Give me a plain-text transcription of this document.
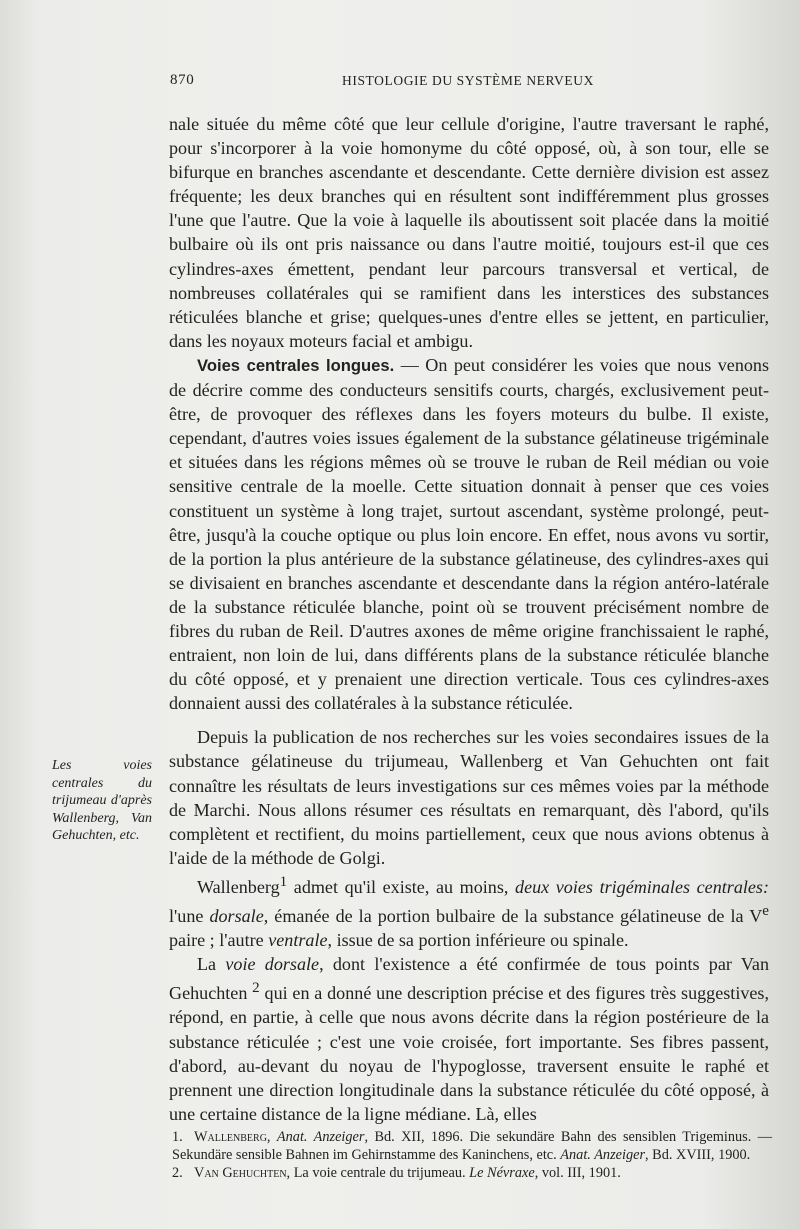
870	HISTOLOGIE DU SYSTÈME NERVEUX

nale située du même côté que leur cellule d'origine, l'autre traversant le raphé, pour s'incorporer à la voie homonyme du côté opposé, où, à son tour, elle se bifurque en branches ascendante et descendante. Cette dernière division est assez fréquente; les deux branches qui en résultent sont indifféremment plus grosses l'une que l'autre. Que la voie à laquelle ils aboutissent soit placée dans la moitié bulbaire où ils ont pris naissance ou dans l'autre moitié, toujours est-il que ces cylindres-axes émettent, pendant leur parcours transversal et vertical, de nombreuses collatérales qui se ramifient dans les interstices des substances réticulées blanche et grise; quelques-unes d'entre elles se jettent, en particulier, dans les noyaux moteurs facial et ambigu.

Voies centrales longues. — On peut considérer les voies que nous venons de décrire comme des conducteurs sensitifs courts, chargés, exclusivement peut-être, de provoquer des réflexes dans les foyers moteurs du bulbe. Il existe, cependant, d'autres voies issues également de la substance gélatineuse trigéminale et situées dans les régions mêmes où se trouve le ruban de Reil médian ou voie sensitive centrale de la moelle. Cette situation donnait à penser que ces voies constituent un système à long trajet, surtout ascendant, système prolongé, peut-être, jusqu'à la couche optique ou plus loin encore. En effet, nous avons vu sortir, de la portion la plus antérieure de la substance gélatineuse, des cylindres-axes qui se divisaient en branches ascendante et descendante dans la région antéro-latérale de la substance réticulée blanche, point où se trouvent précisément nombre de fibres du ruban de Reil. D'autres axones de même origine franchissaient le raphé, entraient, non loin de lui, dans différents plans de la substance réticulée blanche du côté opposé, et y prenaient une direction verticale. Tous ces cylindres-axes donnaient aussi des collatérales à la substance réticulée.

Depuis la publication de nos recherches sur les voies secondaires issues de la substance gélatineuse du trijumeau, Wallenberg et Van Gehuchten ont fait connaître les résultats de leurs investigations sur ces mêmes voies par la méthode de Marchi. Nous allons résumer ces résultats en remarquant, dès l'abord, qu'ils complètent et rectifient, du moins partiellement, ceux que nous avions obtenus à l'aide de la méthode de Golgi.

Wallenberg$^1$ admet qu'il existe, au moins, deux voies trigéminales centrales: l'une dorsale, émanée de la portion bulbaire de la substance gélatineuse de la Ve paire ; l'autre ventrale, issue de sa portion inférieure ou spinale.

La voie dorsale, dont l'existence a été confirmée de tous points par Van Gehuchten $^2$ qui en a donné une description précise et des figures très suggestives, répond, en partie, à celle que nous avons décrite dans la région postérieure de la substance réticulée ; c'est une voie croisée, fort importante. Ses fibres passent, d'abord, au-devant du noyau de l'hypoglosse, traversent ensuite le raphé et prennent une direction longitudinale dans la substance réticulée du côté opposé, à une certaine distance de la ligne médiane. Là, elles

Les voies centrales du trijumeau d'après Wallenberg, Van Gehuchten, etc.

1. Wallenberg, Anat. Anzeiger, Bd. XII, 1896. Die sekundäre Bahn des sensiblen Trigeminus. — Sekundäre sensible Bahnen im Gehirnstamme des Kaninchens, etc. Anat. Anzeiger, Bd. XVIII, 1900.

2. Van Gehuchten, La voie centrale du trijumeau. Le Névraxe, vol. III, 1901.
